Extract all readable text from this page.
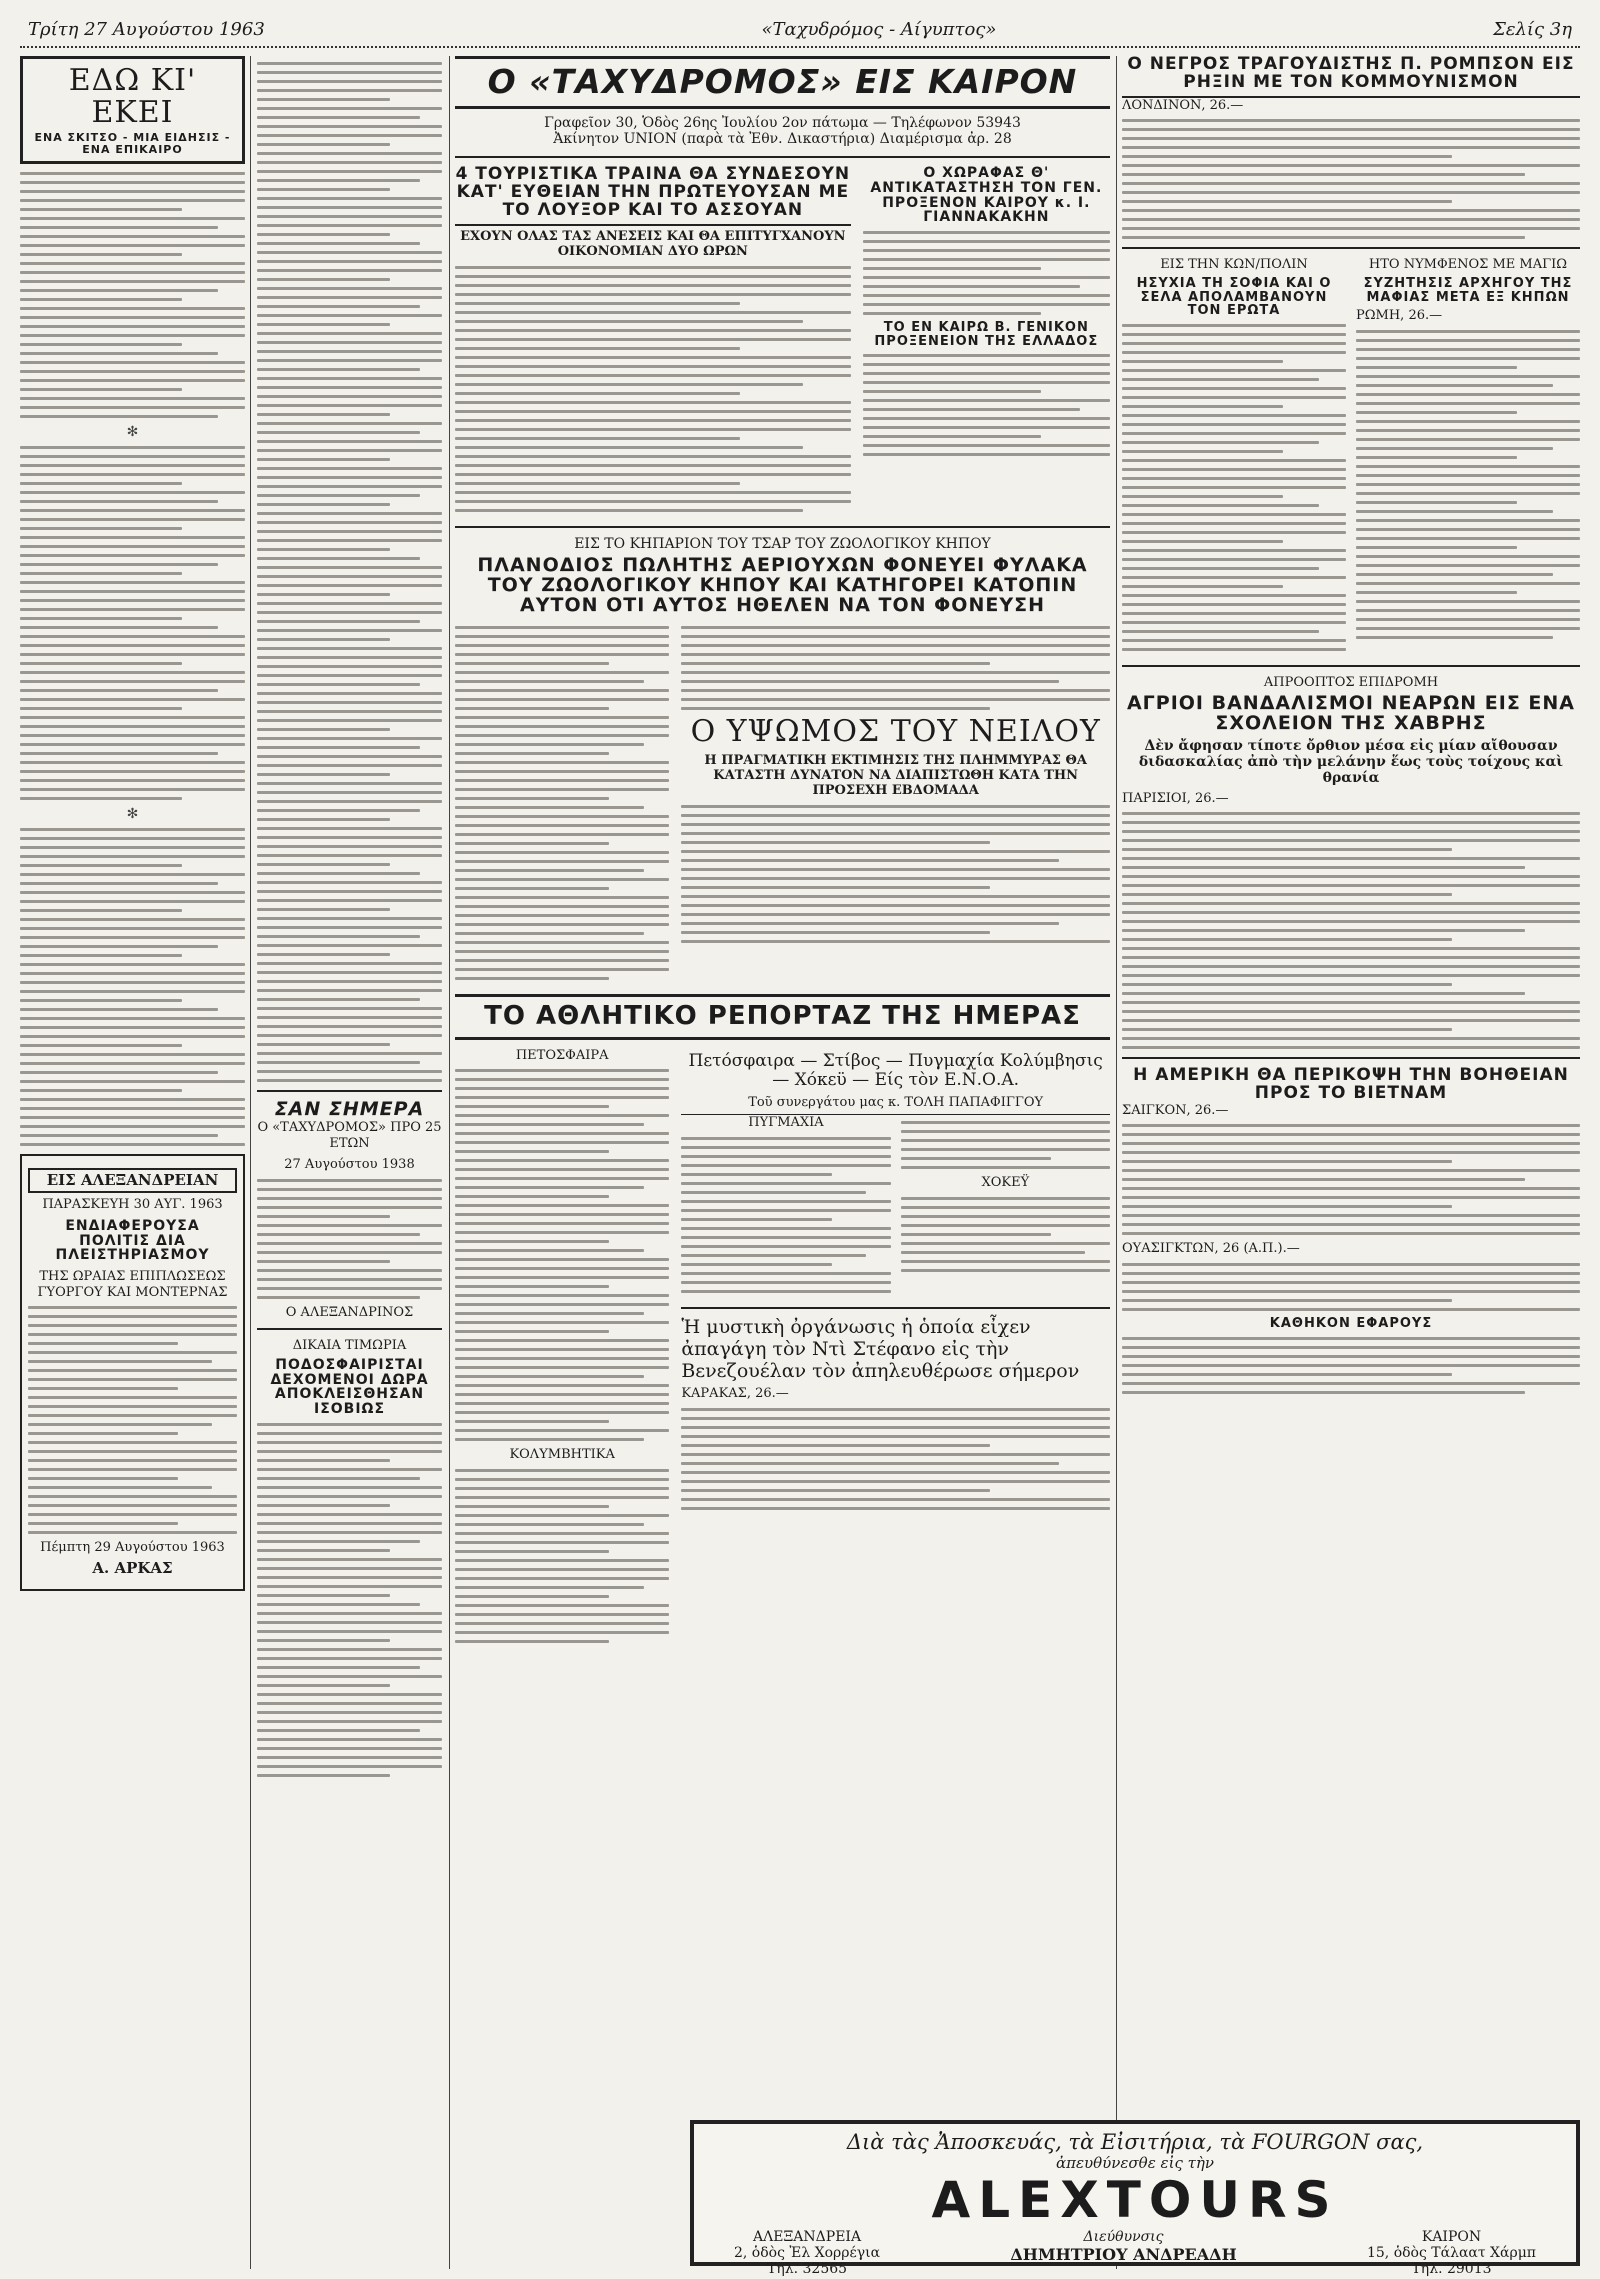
Τρίτη 27 Αυγούστου 1963	«Ταχυδρόμος - Αίγυπτος»	Σελίς 3η
ΕΔΩ ΚΙ' ΕΚΕΙ
ΕΝΑ ΣΚΙΤΣΟ - ΜΙΑ ΕΙΔΗΣΙΣ - ΕΝΑ ΕΠΙΚΑΙΡΟ
✻
✻
ΕΙΣ ΑΛΕΞΑΝΔΡΕΙΑΝ
ΠΑΡΑΣΚΕΥΗ 30 ΑΥΓ. 1963
ΕΝΔΙΑΦΕΡΟΥΣΑ ΠΟΛΙΤΙΣ ΔΙΑ ΠΛΕΙΣΤΗΡΙΑΣΜΟΥ
ΤΗΣ ΩΡΑΙΑΣ ΕΠΙΠΛΩΣΕΩΣ ΓΥΟΡΓΟΥ ΚΑΙ ΜΟΝΤΕΡΝΑΣ
Πέμπτη 29 Αυγούστου 1963
Α. ΑΡΚΑΣ
ΣΑΝ ΣΗΜΕΡΑ
Ο «ΤΑΧΥΔΡΟΜΟΣ» ΠΡΟ 25 ΕΤΩΝ
27 Αυγούστου 1938
Ο ΑΛΕΞΑΝΔΡΙΝΟΣ
ΔΙΚΑΙΑ ΤΙΜΩΡΙΑ
ΠΟΔΟΣΦΑΙΡΙΣΤΑΙ ΔΕΧΟΜΕΝΟΙ ΔΩΡΑ ΑΠΟΚΛΕΙΣΘΗΣΑΝ ΙΣΟΒΙΩΣ
Ο «ΤΑΧΥΔΡΟΜΟΣ» ΕΙΣ ΚΑΙΡΟΝ
Γραφεῖον 30, Ὁδὸς 26ης Ἰουλίου 2ον πάτωμα — Τηλέφωνον 53943
Ἀκίνητον UNION (παρὰ τὰ Ἐθν. Δικαστήρια) Διαμέρισμα ἀρ. 28
4 ΤΟΥΡΙΣΤΙΚΑ ΤΡΑΙΝΑ ΘΑ ΣΥΝΔΕΣΟΥΝ ΚΑΤ' ΕΥΘΕΙΑΝ ΤΗΝ ΠΡΩΤΕΥΟΥΣΑΝ ΜΕ ΤΟ ΛΟΥΞΟΡ ΚΑΙ ΤΟ ΑΣΣΟΥΑΝ
ΕΧΟΥΝ ΟΛΑΣ ΤΑΣ ΑΝΕΣΕΙΣ ΚΑΙ ΘΑ ΕΠΙΤΥΓΧΑΝΟΥΝ ΟΙΚΟΝΟΜΙΑΝ ΔΥΟ ΩΡΩΝ
Ο ΧΩΡΑΦΑΣ Θ' ΑΝΤΙΚΑΤΑΣΤΗΣΗ ΤΟΝ ΓΕΝ. ΠΡΟΞΕΝΟΝ ΚΑΙΡΟΥ κ. Ι. ΓΙΑΝΝΑΚΑΚΗΝ
ΤΟ ΕΝ ΚΑΙΡΩ Β. ΓΕΝΙΚΟΝ ΠΡΟΞΕΝΕΙΟΝ ΤΗΣ ΕΛΛΑΔΟΣ
ΕΙΣ ΤΟ ΚΗΠΑΡΙΟΝ ΤΟΥ ΤΣΑΡ ΤΟΥ ΖΩΟΛΟΓΙΚΟΥ ΚΗΠΟΥ
ΠΛΑΝΟΔΙΟΣ ΠΩΛΗΤΗΣ ΑΕΡΙΟΥΧΩΝ ΦΟΝΕΥΕΙ ΦΥΛΑΚΑ ΤΟΥ ΖΩΟΛΟΓΙΚΟΥ ΚΗΠΟΥ ΚΑΙ ΚΑΤΗΓΟΡΕΙ ΚΑΤΟΠΙΝ ΑΥΤΟΝ ΟΤΙ ΑΥΤΟΣ ΗΘΕΛΕΝ ΝΑ ΤΟΝ ΦΟΝΕΥΣΗ
Ο ΥΨΩΜΟΣ ΤΟΥ ΝΕΙΛΟΥ
Η ΠΡΑΓΜΑΤΙΚΗ ΕΚΤΙΜΗΣΙΣ ΤΗΣ ΠΛΗΜΜΥΡΑΣ ΘΑ ΚΑΤΑΣΤΗ ΔΥΝΑΤΟΝ ΝΑ ΔΙΑΠΙΣΤΩΘΗ ΚΑΤΑ ΤΗΝ ΠΡΟΣΕΧΗ ΕΒΔΟΜΑΔΑ
ΤΟ ΑΘΛΗΤΙΚΟ ΡΕΠΟΡΤΑΖ ΤΗΣ ΗΜΕΡΑΣ
ΠΕΤΟΣΦΑΙΡΑ
ΚΟΛΥΜΒΗΤΙΚΑ
Πετόσφαιρα — Στίβος — Πυγμαχία Κολύμβησις — Χόκεϋ — Είς τὸν Ε.Ν.Ο.Α.
Τοῦ συνεργάτου μας κ. ΤΟΛΗ ΠΑΠΑΦΙΓΓΟΥ
ΠΥΓΜΑΧΙΑ
ΧΟΚΕΫ
Ἡ μυστικὴ ὀργάνωσις ἡ ὁποία εἶχεν ἀπαγάγη τὸν Ντὶ Στέφανο εἰς τὴν Βενεζουέλαν τὸν ἀπηλευθέρωσε σήμερον
ΚΑΡΑΚΑΣ, 26.—
Ο ΝΕΓΡΟΣ ΤΡΑΓΟΥΔΙΣΤΗΣ Π. ΡΟΜΠΣΟΝ ΕΙΣ ΡΗΞΙΝ ΜΕ ΤΟΝ ΚΟΜΜΟΥΝΙΣΜΟΝ
ΛΟΝΔΙΝΟΝ, 26.—
ΕΙΣ ΤΗΝ ΚΩΝ/ΠΟΛΙΝ
ΗΣΥΧΙΑ ΤΗ ΣΟΦΙΑ ΚΑΙ Ο ΣΕΛΑ ΑΠΟΛΑΜΒΑΝΟΥΝ ΤΟΝ ΕΡΩΤΑ
ΗΤΟ ΝΥΜΦΕΝΟΣ ΜΕ ΜΑΓΙΩ
ΣΥΖΗΤΗΣΙΣ ΑΡΧΗΓΟΥ ΤΗΣ ΜΑΦΙΑΣ ΜΕΤΑ ΕΞ ΚΗΠΩΝ
ΡΩΜΗ, 26.—
ΑΠΡΟΟΠΤΟΣ ΕΠΙΔΡΟΜΗ
ΑΓΡΙΟΙ ΒΑΝΔΑΛΙΣΜΟΙ ΝΕΑΡΩΝ ΕΙΣ ΕΝΑ ΣΧΟΛΕΙΟΝ ΤΗΣ ΧΑΒΡΗΣ
Δὲν ἄφησαν τίποτε ὄρθιον μέσα εἰς μίαν αἴθουσαν διδασκαλίας ἀπὸ τὴν μελάνην ἕως τοὺς τοίχους καὶ θρανία
ΠΑΡΙΣΙΟΙ, 26.—
Η ΑΜΕΡΙΚΗ ΘΑ ΠΕΡΙΚΟΨΗ ΤΗΝ ΒΟΗΘΕΙΑΝ ΠΡΟΣ ΤΟ ΒΙΕΤΝΑΜ
ΣΑΙΓΚΟΝ, 26.—
ΟΥΑΣΙΓΚΤΩΝ, 26 (Α.Π.).—
ΚΑΘΗΚΟΝ ΕΦΑΡΟΥΣ
Διὰ τὰς Ἀποσκευάς, τὰ Εἰσιτήρια, τὰ FOURGON σας,
ἀπευθύνεσθε εἰς τὴν
ALEXTOURS
ΑΛΕΞΑΝΔΡΕΙΑ
2, ὁδὸς Ἐλ Χορρέγια
Τηλ. 32565
Διεύθυνσις
ΔΗΜΗΤΡΙΟΥ ΑΝΔΡΕΑΔΗ
ΚΑΙΡΟΝ
15, ὁδὸς Τάλαατ Χάρμπ
Τηλ. 29013
